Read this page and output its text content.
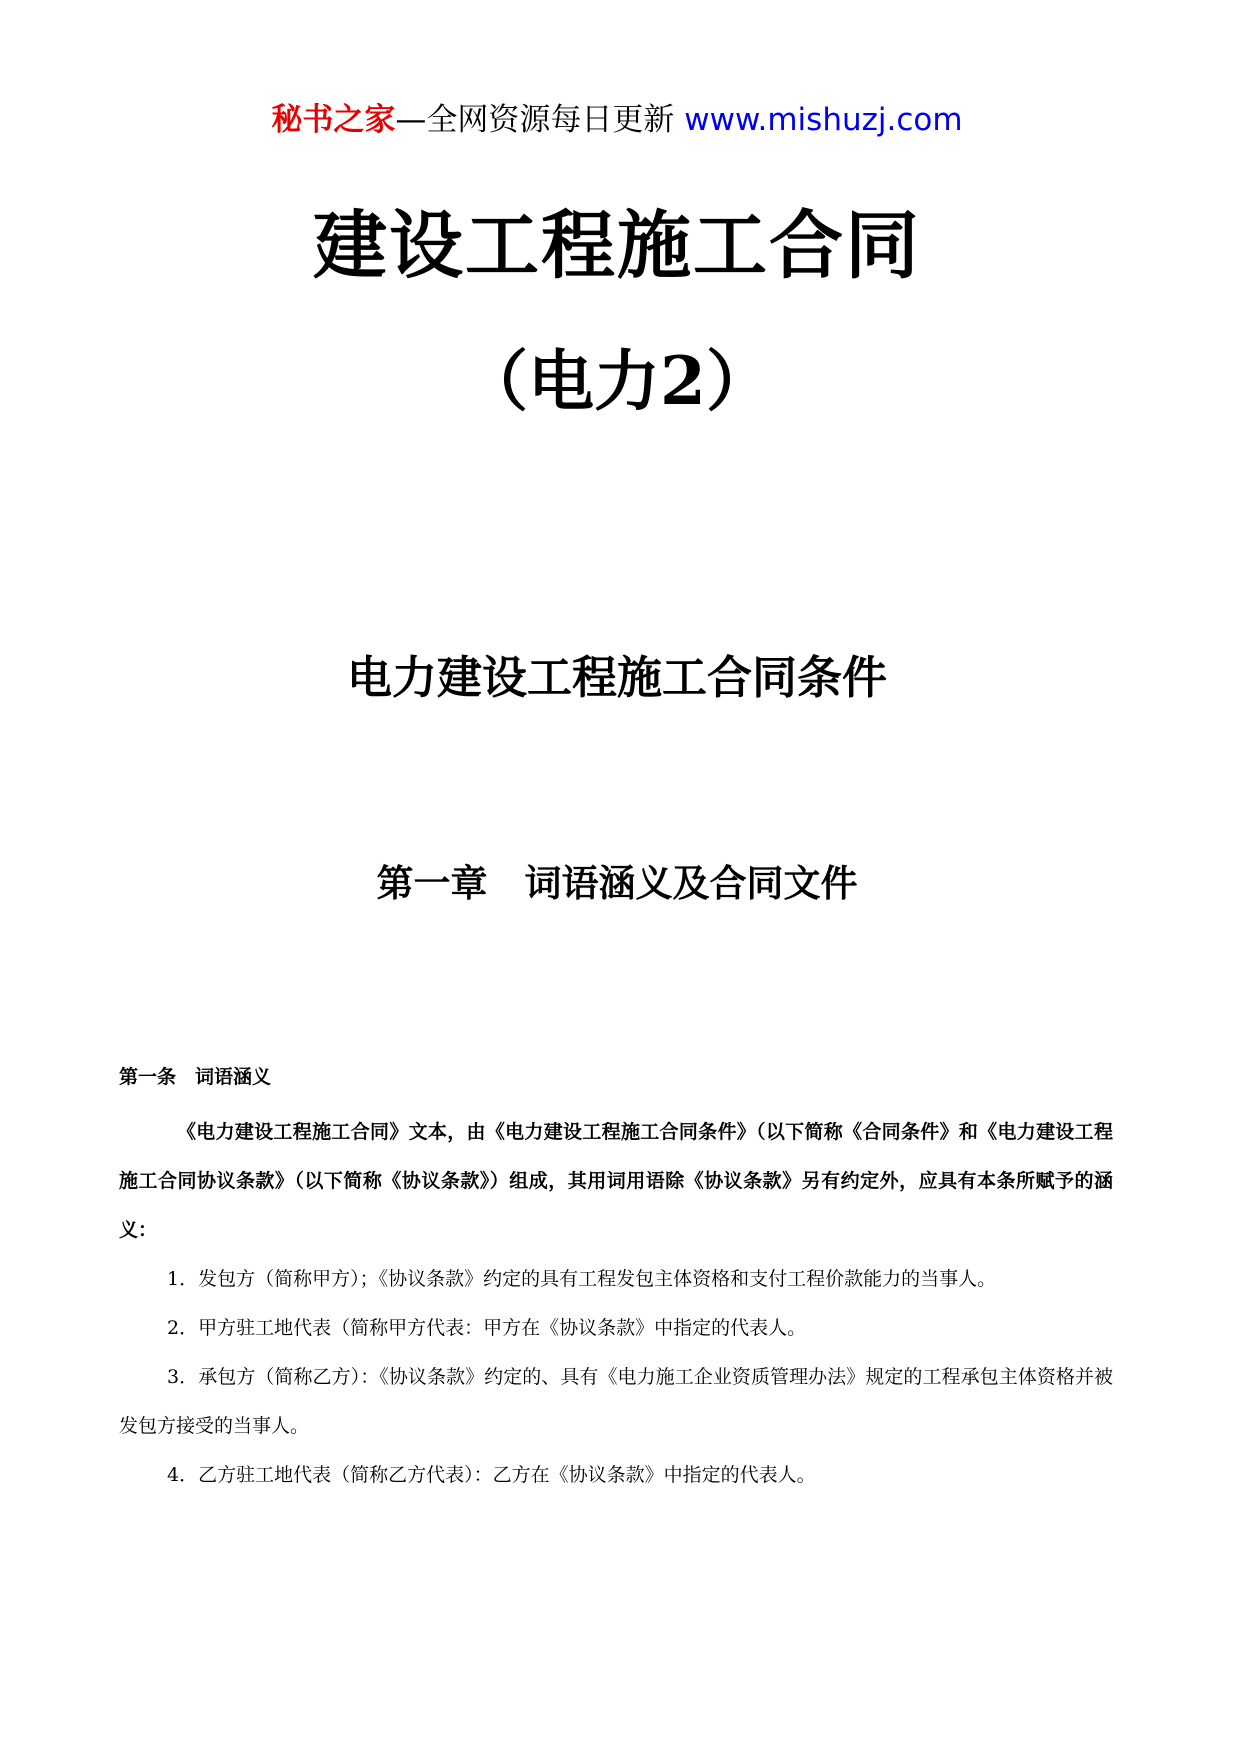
秘书之家—全网资源每日更新 www.mishuzj.com
建设工程施工合同
（电力2）
电力建设工程施工合同条件
第一章　词语涵义及合同文件
第一条　词语涵义

《电力建设工程施工合同》文本，由《电力建设工程施工合同条件》（以下简称《合同条件》和《电力建设工程施工合同协议条款》（以下简称《协议条款》）组成，其用词用语除《协议条款》另有约定外，应具有本条所赋予的涵义：

1．发包方（简称甲方）；《协议条款》约定的具有工程发包主体资格和支付工程价款能力的当事人。

2．甲方驻工地代表（简称甲方代表：甲方在《协议条款》中指定的代表人。

3．承包方（简称乙方）：《协议条款》约定的、具有《电力施工企业资质管理办法》规定的工程承包主体资格并被发包方接受的当事人。

4．乙方驻工地代表（简称乙方代表）：乙方在《协议条款》中指定的代表人。
